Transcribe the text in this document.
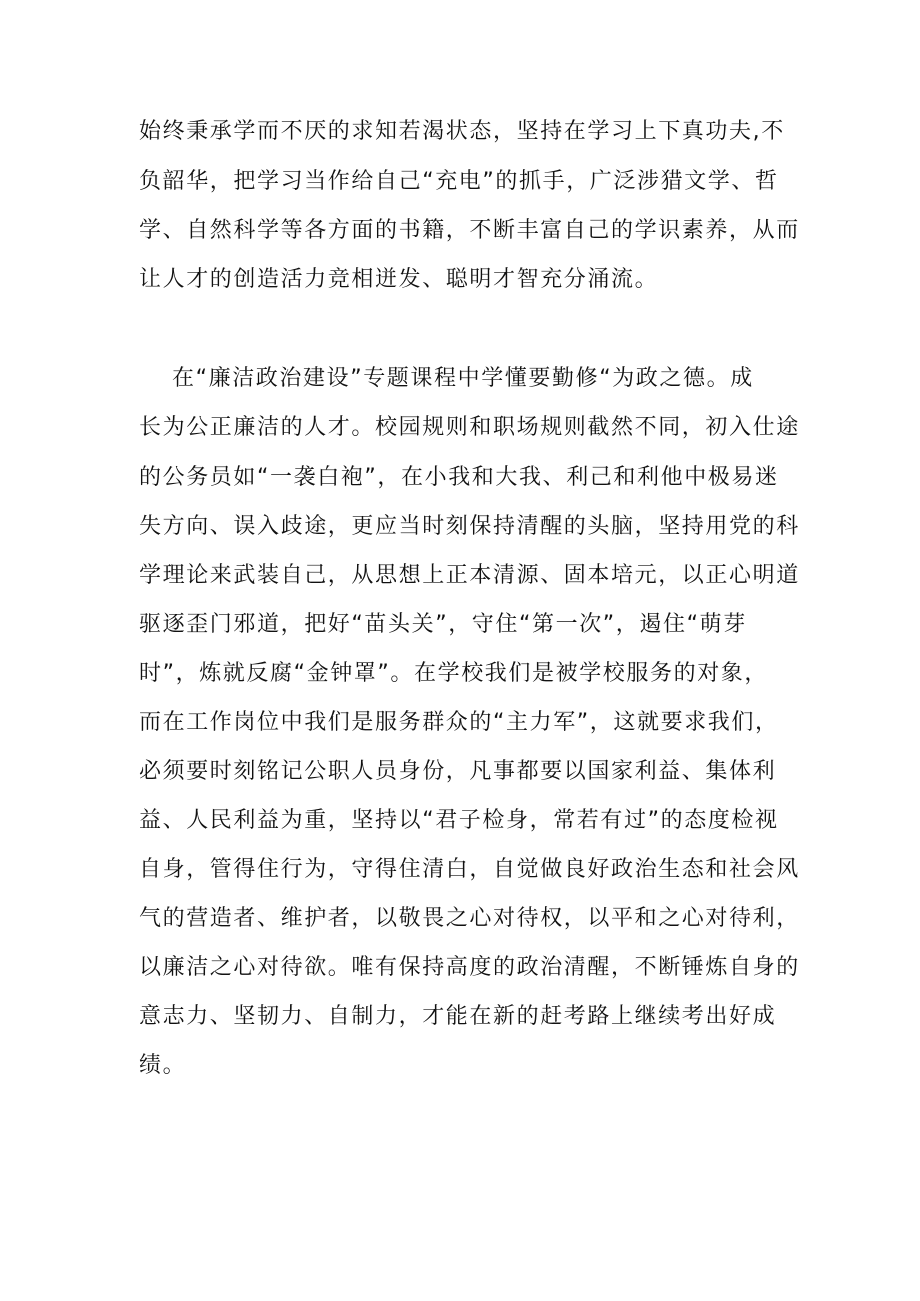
始终秉承学而不厌的求知若渴状态，坚持在学习上下真功夫,不
负韶华，把学习当作给自己“充电”的抓手，广泛涉猎文学、哲
学、自然科学等各方面的书籍，不断丰富自己的学识素养，从而
让人才的创造活力竞相迸发、聪明才智充分涌流。
在“廉洁政治建设”专题课程中学懂要勤修“为政之德。成
长为公正廉洁的人才。校园规则和职场规则截然不同，初入仕途
的公务员如“一袭白袍”，在小我和大我、利己和利他中极易迷
失方向、误入歧途，更应当时刻保持清醒的头脑，坚持用党的科
学理论来武装自己，从思想上正本清源、固本培元，以正心明道
驱逐歪门邪道，把好“苗头关”，守住“第一次”，遏住“萌芽
时”，炼就反腐“金钟罩”。在学校我们是被学校服务的对象，
而在工作岗位中我们是服务群众的“主力军”，这就要求我们，
必须要时刻铭记公职人员身份，凡事都要以国家利益、集体利
益、人民利益为重，坚持以“君子检身，常若有过”的态度检视
自身，管得住行为，守得住清白，自觉做良好政治生态和社会风
气的营造者、维护者，以敬畏之心对待权，以平和之心对待利，
以廉洁之心对待欲。唯有保持高度的政治清醒，不断锤炼自身的
意志力、坚韧力、自制力，才能在新的赶考路上继续考出好成
绩。
